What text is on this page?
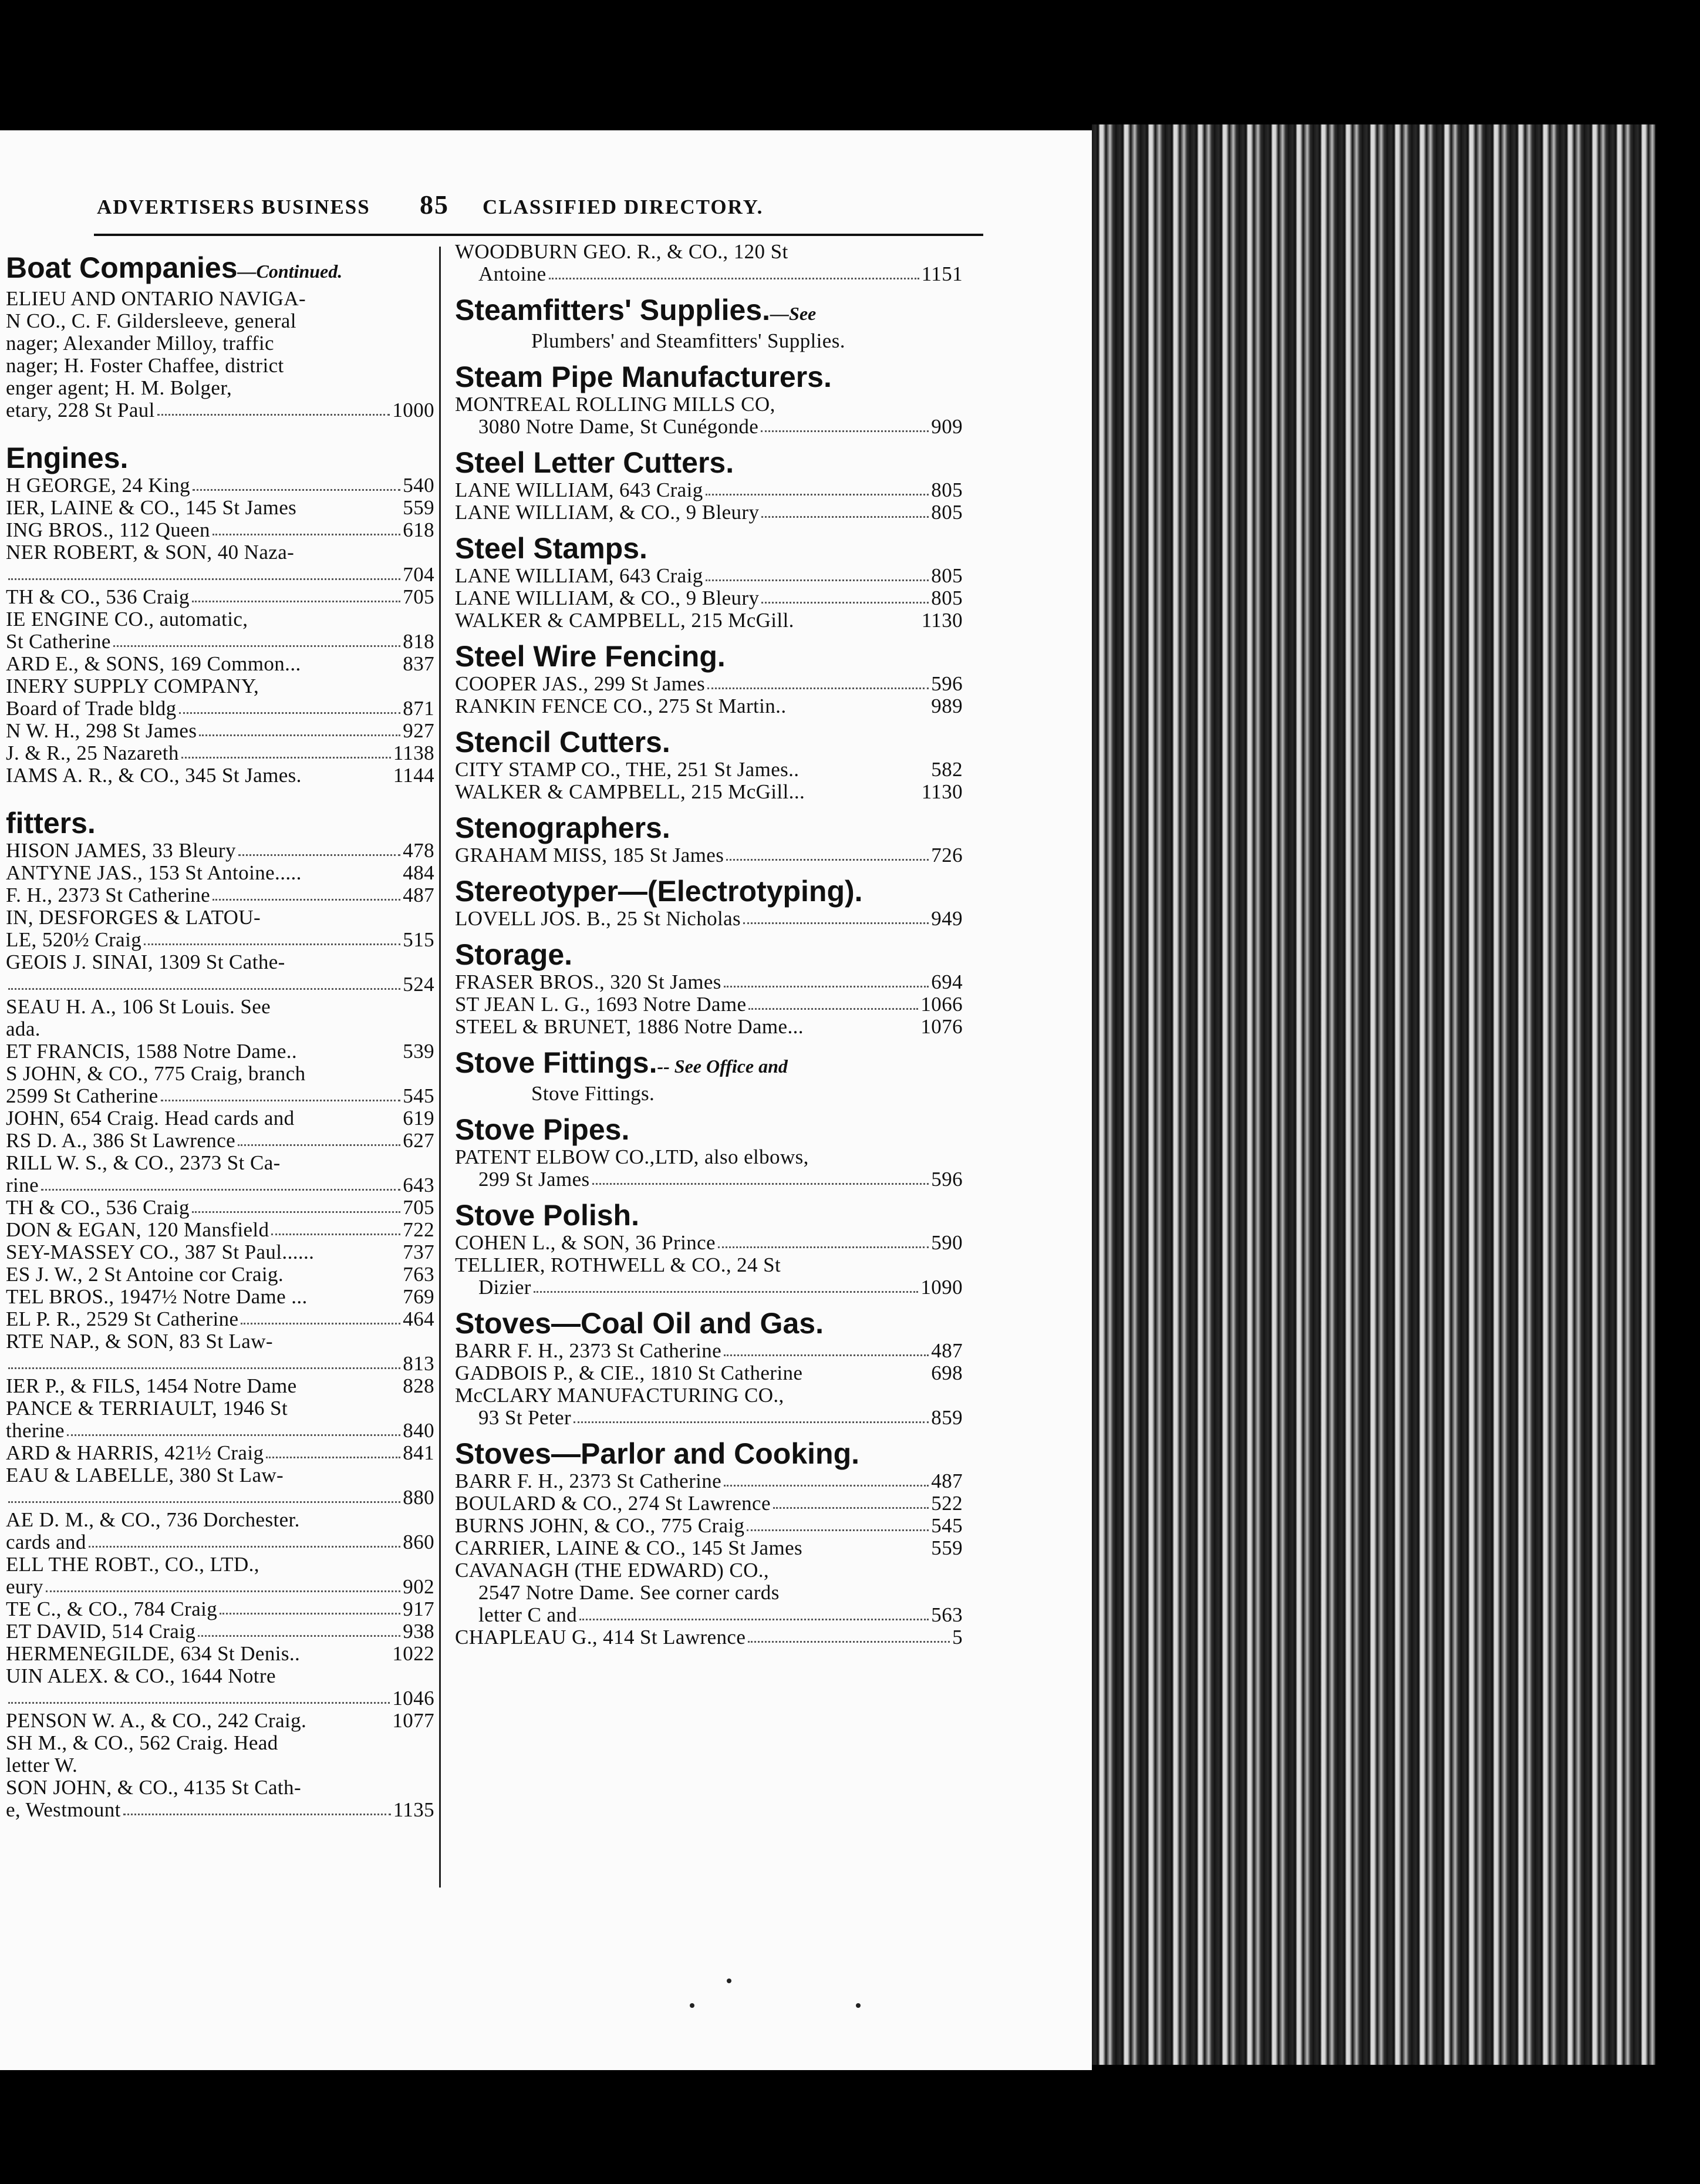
ADVERTISERS BUSINESS 85 CLASSIFIED DIRECTORY.
Boat Companies—Continued.
ELIEU AND ONTARIO NAVIGA-
N CO., C. F. Gildersleeve, general
nager; Alexander Milloy, traffic
nager; H. Foster Chaffee, district
enger agent; H. M. Bolger,
etary, 228 St Paul	1000
Engines.
H GEORGE, 24 King	540
IER, LAINE & CO., 145 St James	559
ING BROS., 112 Queen	618
NER ROBERT, & SON, 40 Naza-
704
TH & CO., 536 Craig	705
IE ENGINE CO., automatic,
St Catherine	818
ARD E., & SONS, 169 Common...	837
INERY SUPPLY COMPANY,
Board of Trade bldg	871
N W. H., 298 St James	927
J. & R., 25 Nazareth	1138
IAMS A. R., & CO., 345 St James.	1144
fitters.
HISON JAMES, 33 Bleury	478
ANTYNE JAS., 153 St Antoine.....	484
F. H., 2373 St Catherine	487
IN, DESFORGES & LATOU-
LE, 520½ Craig	515
GEOIS J. SINAI, 1309 St Cathe-
524
SEAU H. A., 106 St Louis. See
ada.
ET FRANCIS, 1588 Notre Dame..	539
S JOHN, & CO., 775 Craig, branch
2599 St Catherine	545
JOHN, 654 Craig. Head cards and	619
RS D. A., 386 St Lawrence	627
RILL W. S., & CO., 2373 St Ca-
rine	643
TH & CO., 536 Craig	705
DON & EGAN, 120 Mansfield	722
SEY-MASSEY CO., 387 St Paul......	737
ES J. W., 2 St Antoine cor Craig.	763
TEL BROS., 1947½ Notre Dame ...	769
EL P. R., 2529 St Catherine	464
RTE NAP., & SON, 83 St Law-
813
IER P., & FILS, 1454 Notre Dame	828
PANCE & TERRIAULT, 1946 St
therine	840
ARD & HARRIS, 421½ Craig	841
EAU & LABELLE, 380 St Law-
880
AE D. M., & CO., 736 Dorchester.
cards and	860
ELL THE ROBT., CO., LTD.,
eury	902
TE C., & CO., 784 Craig	917
ET DAVID, 514 Craig	938
HERMENEGILDE, 634 St Denis..	1022
UIN ALEX. & CO., 1644 Notre
1046
PENSON W. A., & CO., 242 Craig.	1077
SH M., & CO., 562 Craig. Head
letter W.
SON JOHN, & CO., 4135 St Cath-
e, Westmount	1135
WOODBURN GEO. R., & CO., 120 St
Antoine	1151
Steamfitters' Supplies.—See
Plumbers' and Steamfitters' Supplies.
Steam Pipe Manufacturers.
MONTREAL ROLLING MILLS CO,
3080 Notre Dame, St Cunégonde	909
Steel Letter Cutters.
LANE WILLIAM, 643 Craig	805
LANE WILLIAM, & CO., 9 Bleury	805
Steel Stamps.
LANE WILLIAM, 643 Craig	805
LANE WILLIAM, & CO., 9 Bleury	805
WALKER & CAMPBELL, 215 McGill.	1130
Steel Wire Fencing.
COOPER JAS., 299 St James	596
RANKIN FENCE CO., 275 St Martin..	989
Stencil Cutters.
CITY STAMP CO., THE, 251 St James..	582
WALKER & CAMPBELL, 215 McGill...	1130
Stenographers.
GRAHAM MISS, 185 St James	726
Stereotyper—(Electrotyping).
LOVELL JOS. B., 25 St Nicholas	949
Storage.
FRASER BROS., 320 St James	694
ST JEAN L. G., 1693 Notre Dame	1066
STEEL & BRUNET, 1886 Notre Dame...	1076
Stove Fittings.-- See Office and
Stove Fittings.
Stove Pipes.
PATENT ELBOW CO.,LTD, also elbows,
299 St James	596
Stove Polish.
COHEN L., & SON, 36 Prince	590
TELLIER, ROTHWELL & CO., 24 St
Dizier	1090
Stoves—Coal Oil and Gas.
BARR F. H., 2373 St Catherine	487
GADBOIS P., & CIE., 1810 St Catherine	698
McCLARY MANUFACTURING CO.,
93 St Peter	859
Stoves—Parlor and Cooking.
BARR F. H., 2373 St Catherine	487
BOULARD & CO., 274 St Lawrence	522
BURNS JOHN, & CO., 775 Craig	545
CARRIER, LAINE & CO., 145 St James	559
CAVANAGH (THE EDWARD) CO.,
2547 Notre Dame. See corner cards
letter C and	563
CHAPLEAU G., 414 St Lawrence	5
